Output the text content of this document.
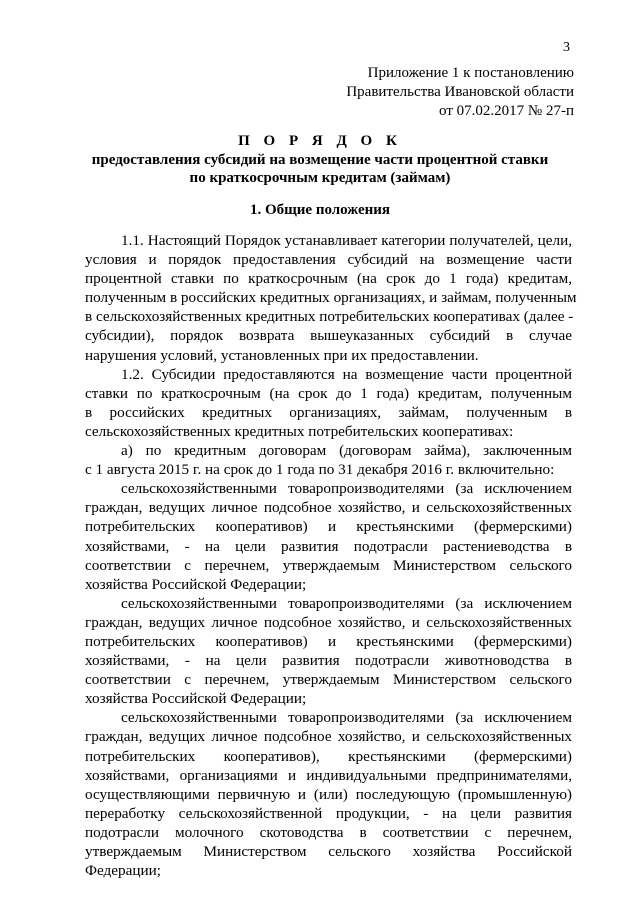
3
Приложение 1 к постановлению
Правительства Ивановской области
от 07.02.2017 № 27-п
П О Р Я Д О К
предоставления субсидий на возмещение части процентной ставки
по краткосрочным кредитам (займам)
1. Общие положения
1.1. Настоящий Порядок устанавливает категории получателей, цели,
условия и порядок предоставления субсидий на возмещение части
процентной ставки по краткосрочным (на срок до 1 года) кредитам,
полученным в российских кредитных организациях, и займам, полученным
в сельскохозяйственных кредитных потребительских кооперативах (далее -
субсидии), порядок возврата вышеуказанных субсидий в случае
нарушения условий, установленных при их предоставлении.
1.2. Субсидии предоставляются на возмещение части процентной
ставки по краткосрочным (на срок до 1 года) кредитам, полученным
в российских кредитных организациях, займам, полученным в
сельскохозяйственных кредитных потребительских кооперативах:
а) по кредитным договорам (договорам займа), заключенным
с 1 августа 2015 г. на срок до 1 года по 31 декабря 2016 г. включительно:
сельскохозяйственными товаропроизводителями (за исключением
граждан, ведущих личное подсобное хозяйство, и сельскохозяйственных
потребительских кооперативов) и крестьянскими (фермерскими)
хозяйствами, - на цели развития подотрасли растениеводства в
соответствии с перечнем, утверждаемым Министерством сельского
хозяйства Российской Федерации;
сельскохозяйственными товаропроизводителями (за исключением
граждан, ведущих личное подсобное хозяйство, и сельскохозяйственных
потребительских кооперативов) и крестьянскими (фермерскими)
хозяйствами, - на цели развития подотрасли животноводства в
соответствии с перечнем, утверждаемым Министерством сельского
хозяйства Российской Федерации;
сельскохозяйственными товаропроизводителями (за исключением
граждан, ведущих личное подсобное хозяйство, и сельскохозяйственных
потребительских кооперативов), крестьянскими (фермерскими)
хозяйствами, организациями и индивидуальными предпринимателями,
осуществляющими первичную и (или) последующую (промышленную)
переработку сельскохозяйственной продукции, - на цели развития
подотрасли молочного скотоводства в соответствии с перечнем,
утверждаемым Министерством сельского хозяйства Российской
Федерации;
